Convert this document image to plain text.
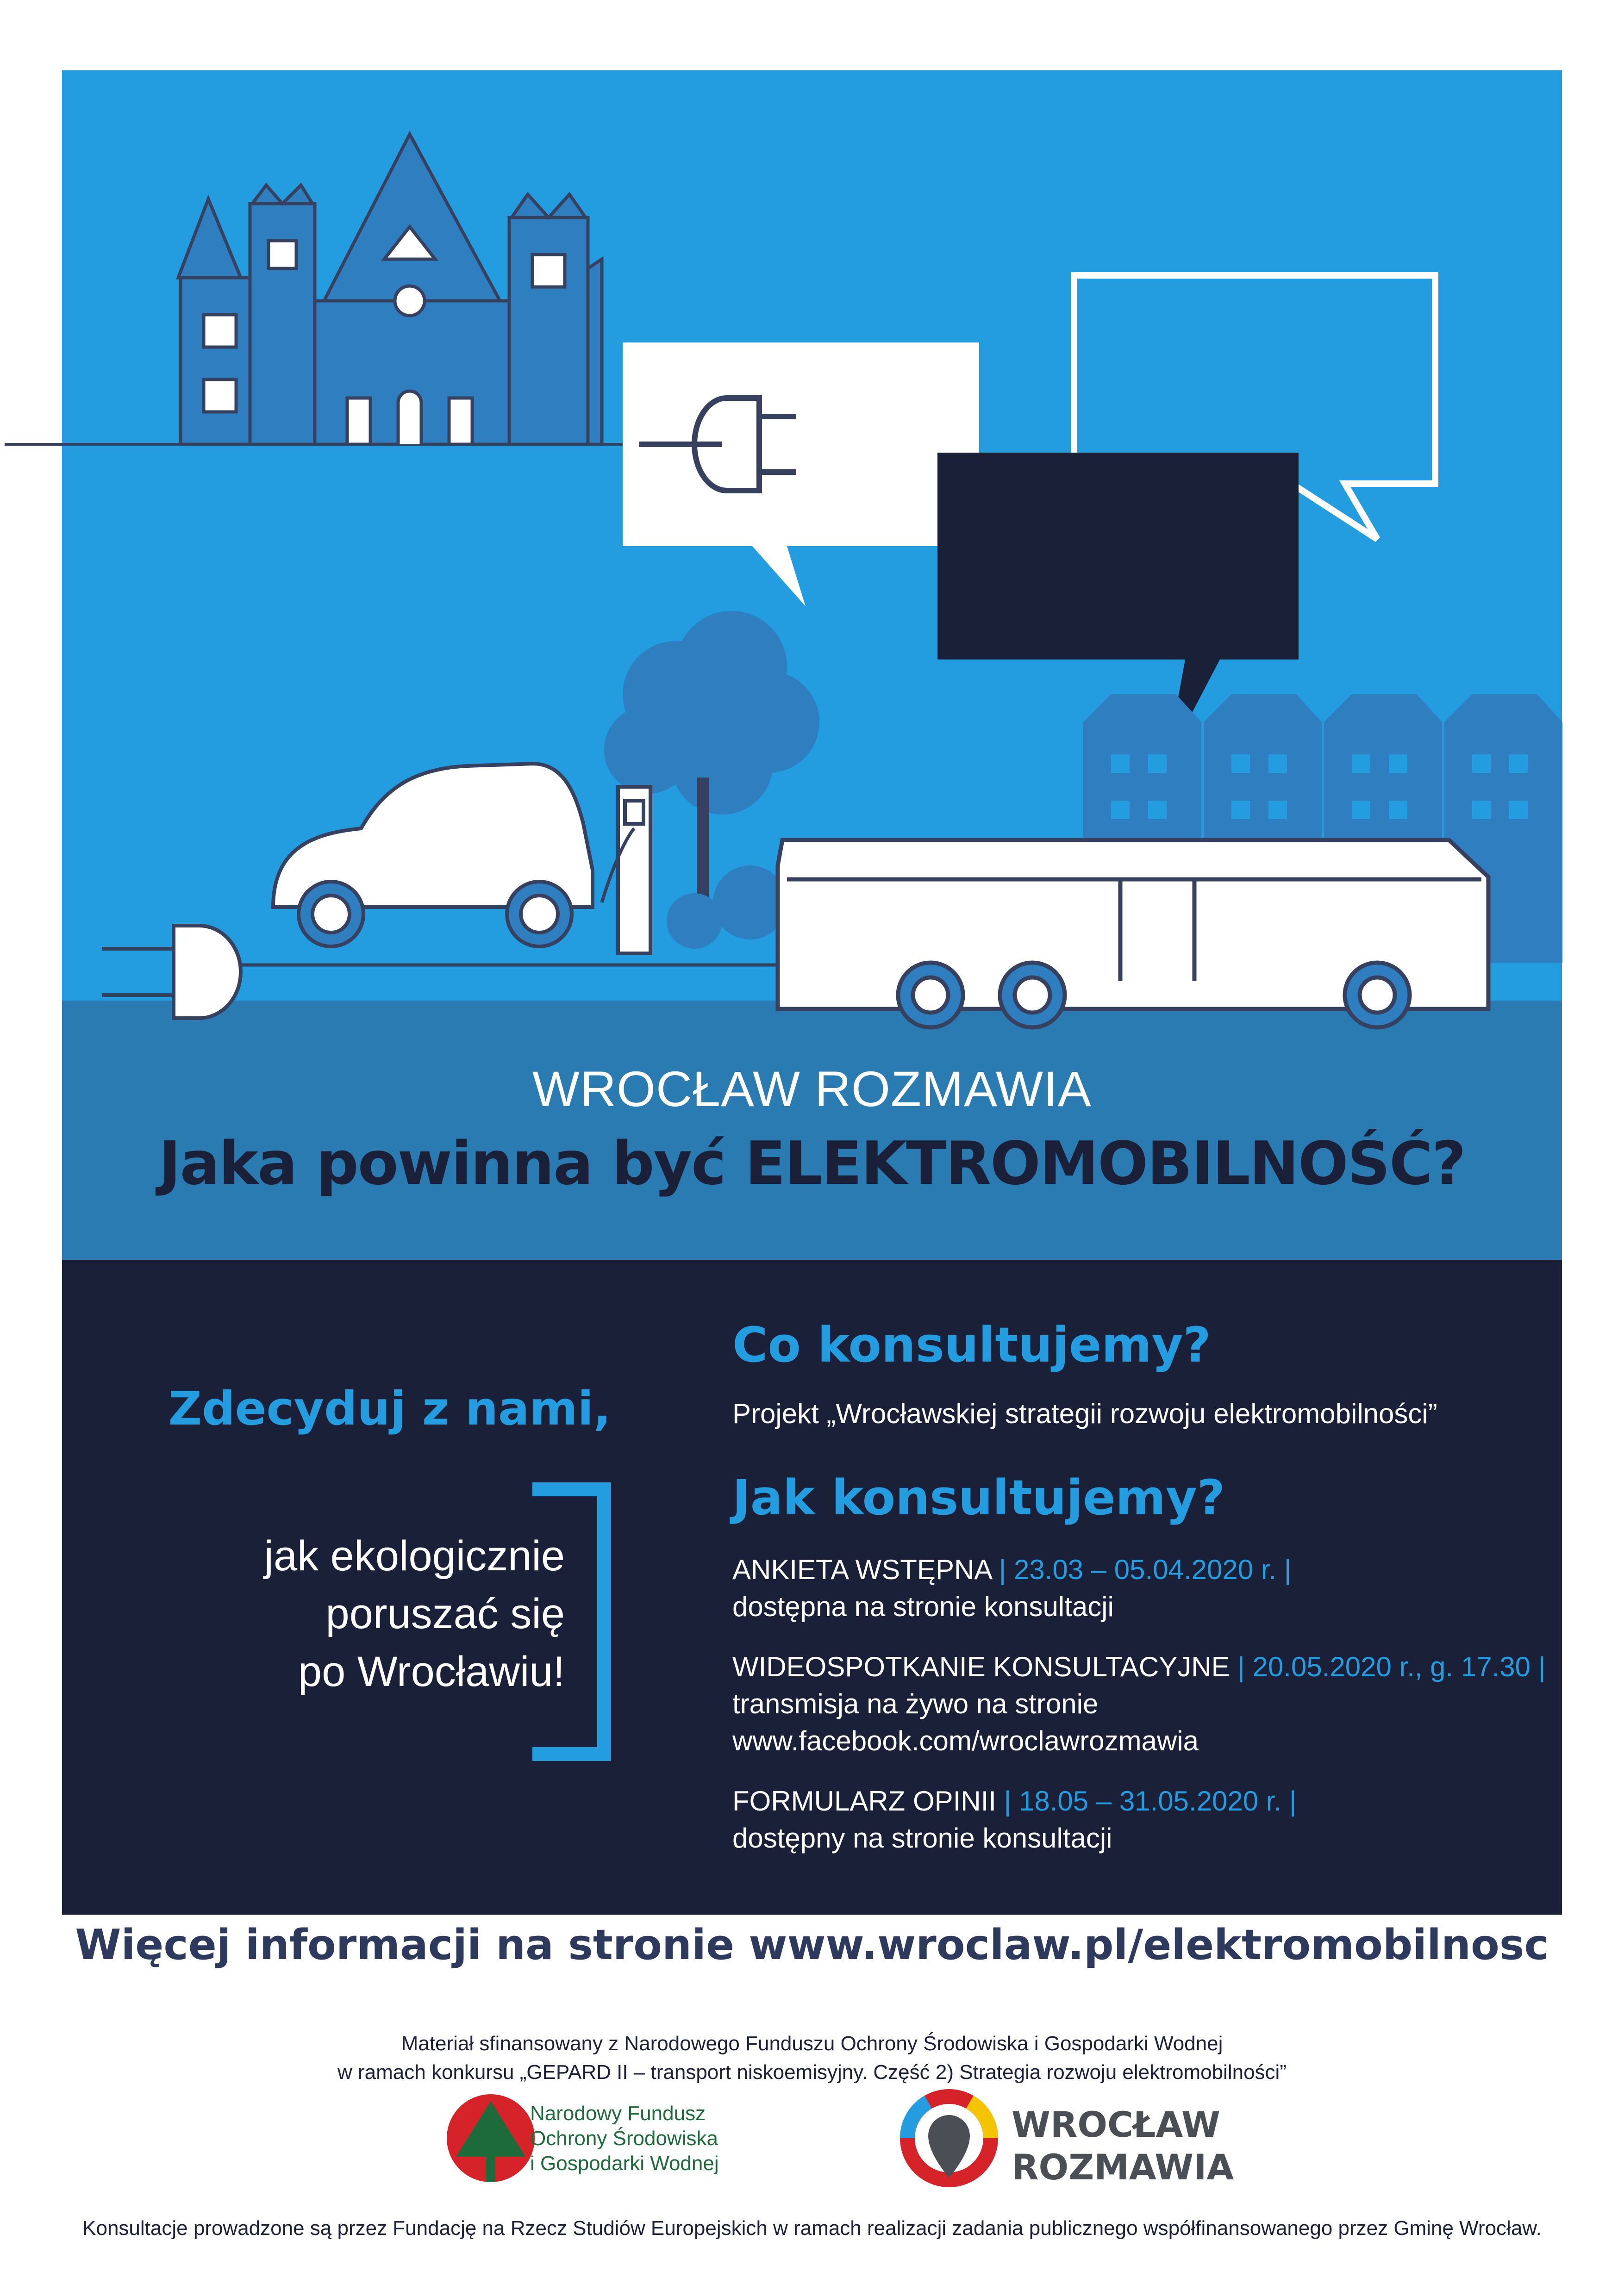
WROCŁAW ROZMAWIA
Jaka powinna być ELEKTROMOBILNOŚĆ?
Zdecyduj z nami,
jak ekologicznie
poruszać się
po Wrocławiu!
Co konsultujemy?
Projekt „Wrocławskiej strategii rozwoju elektromobilności”
Jak konsultujemy?
ANKIETA WSTĘPNA | 23.03 – 05.04.2020 r. |
dostępna na stronie konsultacji
WIDEOSPOTKANIE KONSULTACYJNE | 20.05.2020 r., g. 17.30 |
transmisja na żywo na stronie
www.facebook.com/wroclawrozmawia
FORMULARZ OPINII | 18.05 – 31.05.2020 r. |
dostępny na stronie konsultacji
Więcej informacji na stronie www.wroclaw.pl/elektromobilnosc
Materiał sfinansowany z Narodowego Funduszu Ochrony Środowiska i Gospodarki Wodnej
w ramach konkursu „GEPARD II – transport niskoemisyjny. Część 2) Strategia rozwoju elektromobilności”
Narodowy Fundusz
Ochrony Środowiska
i Gospodarki Wodnej
WROCŁAW
ROZMAWIA
Konsultacje prowadzone są przez Fundację na Rzecz Studiów Europejskich w ramach realizacji zadania publicznego współfinansowanego przez Gminę Wrocław.
